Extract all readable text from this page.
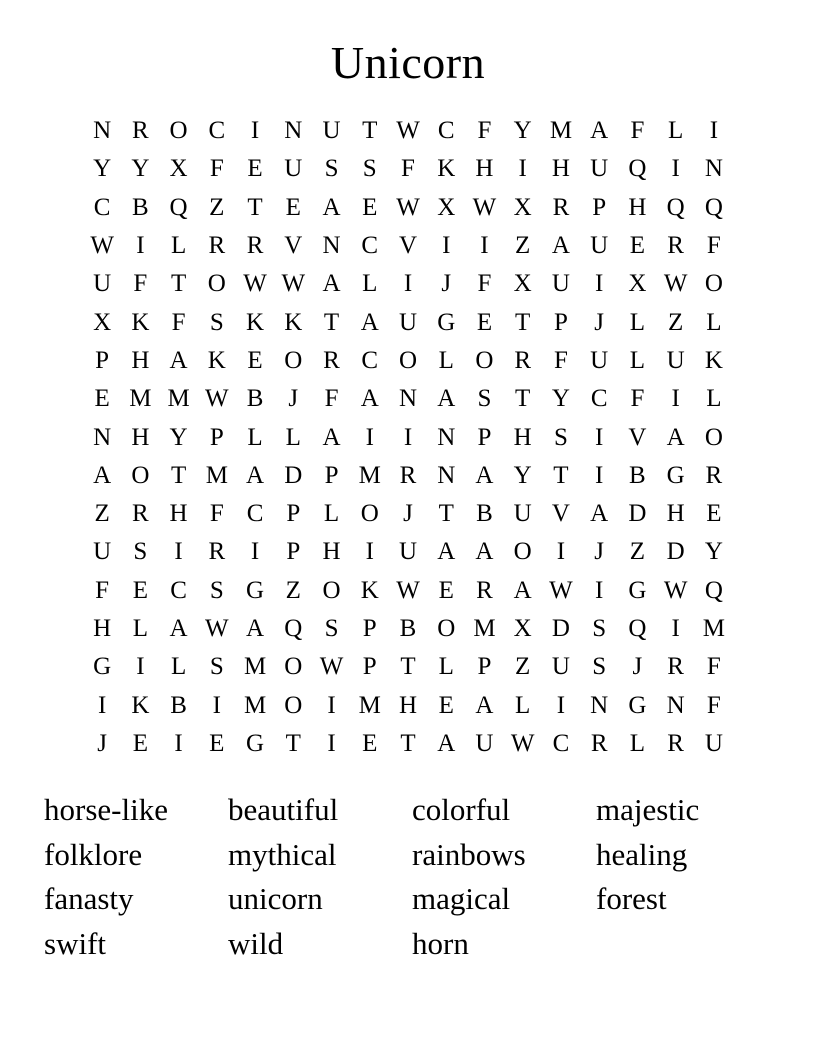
Unicorn
N R O C	I	N U T W C F Y M A F L	I
Y Y X F E U S S F K H	I	H U Q	I	N
C B Q Z T E A E W X W X R P H Q Q
W I	L R R V N C V	I	I	Z A U E R F
U F T O W W A L	I	J	F X U	I	X W O
X K F S K K T A U G E T P	J	L Z L
P H A K E O R C O L O R F U L U K
E M M W B	J	F A N A S T Y C F	I	L
N H Y P L L A	I	I	N P H S	I	V A O
A O T M A D P M R N A Y T	I	B G R
Z R H F C P L O J	T B U V A D H E
U S	I	R	I	P H	I	U A A O	I	J	Z D Y
F E C S G Z O K W E R A W I	G W Q
H L A W A Q S P B O M X D S Q	I M
G	I	L S M O W P T L P Z U S	J	R F
I	K B	I M O	I M H E A L	I	N G N F
J	E	I	E G T	I	E T A U W C R L R U
horse-like	beautiful	colorful	majestic
folklore	mythical	rainbows	healing
fanasty	unicorn	magical	forest
swift	wild	horn
